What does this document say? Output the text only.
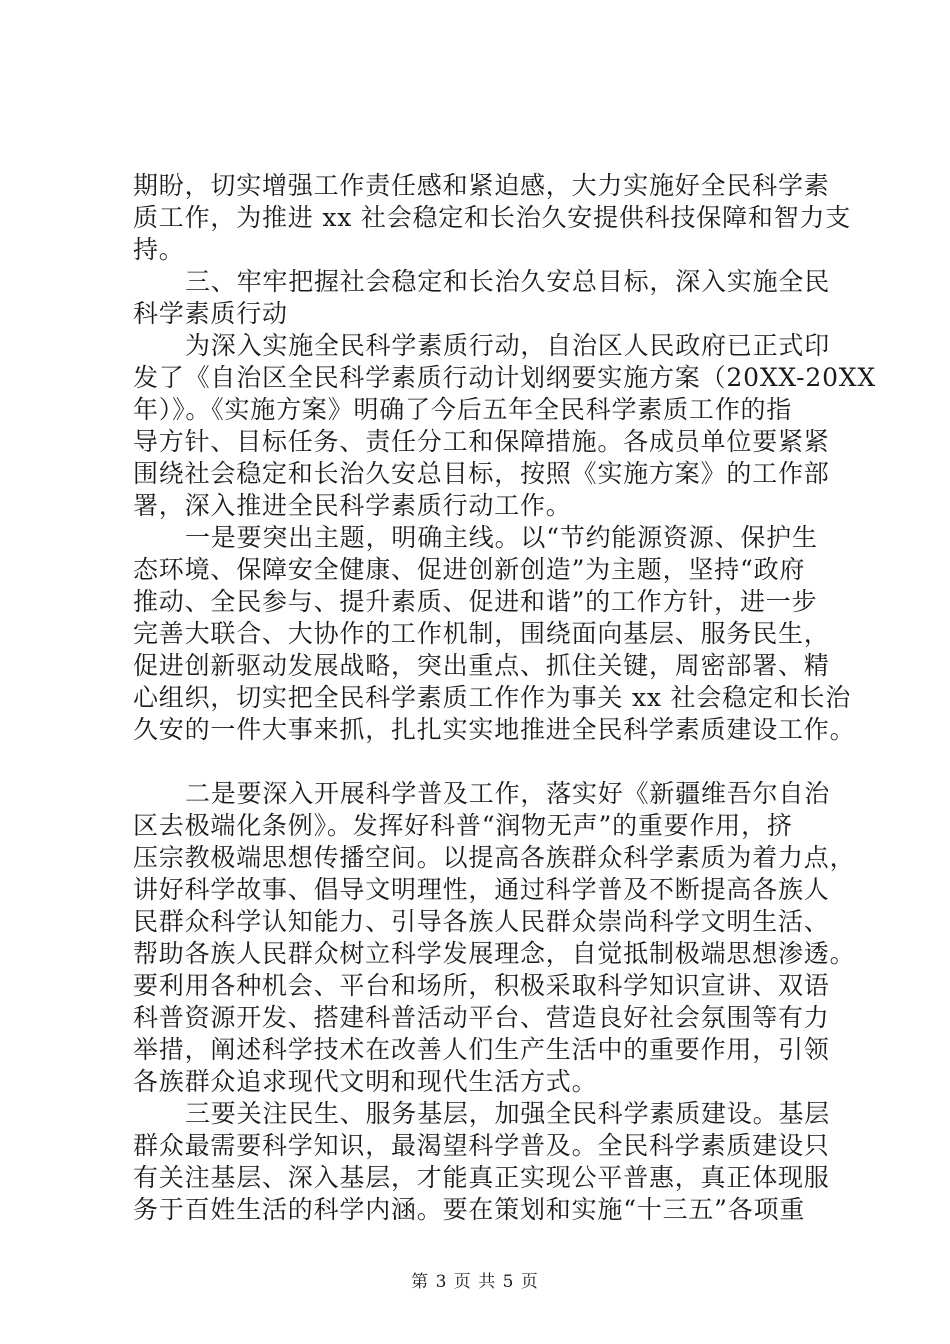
期盼，切实增强工作责任感和紧迫感，大力实施好全民科学素
质工作，为推进 xx 社会稳定和长治久安提供科技保障和智力支
持。
三、牢牢把握社会稳定和长治久安总目标，深入实施全民
科学素质行动
为深入实施全民科学素质行动，自治区人民政府已正式印
发了《自治区全民科学素质行动计划纲要实施方案（20XX-20XX
年）》。《实施方案》明确了今后五年全民科学素质工作的指
导方针、目标任务、责任分工和保障措施。各成员单位要紧紧
围绕社会稳定和长治久安总目标，按照《实施方案》的工作部
署，深入推进全民科学素质行动工作。
一是要突出主题，明确主线。以“节约能源资源、保护生
态环境、保障安全健康、促进创新创造”为主题，坚持“政府
推动、全民参与、提升素质、促进和谐”的工作方针，进一步
完善大联合、大协作的工作机制，围绕面向基层、服务民生，
促进创新驱动发展战略，突出重点、抓住关键，周密部署、精
心组织，切实把全民科学素质工作作为事关 xx 社会稳定和长治
久安的一件大事来抓，扎扎实实地推进全民科学素质建设工作。
二是要深入开展科学普及工作，落实好《新疆维吾尔自治
区去极端化条例》。发挥好科普“润物无声”的重要作用，挤
压宗教极端思想传播空间。以提高各族群众科学素质为着力点，
讲好科学故事、倡导文明理性，通过科学普及不断提高各族人
民群众科学认知能力、引导各族人民群众崇尚科学文明生活、
帮助各族人民群众树立科学发展理念，自觉抵制极端思想渗透。
要利用各种机会、平台和场所，积极采取科学知识宣讲、双语
科普资源开发、搭建科普活动平台、营造良好社会氛围等有力
举措，阐述科学技术在改善人们生产生活中的重要作用，引领
各族群众追求现代文明和现代生活方式。
三要关注民生、服务基层，加强全民科学素质建设。基层
群众最需要科学知识，最渴望科学普及。全民科学素质建设只
有关注基层、深入基层，才能真正实现公平普惠，真正体现服
务于百姓生活的科学内涵。要在策划和实施“十三五”各项重
第 3 页 共 5 页
